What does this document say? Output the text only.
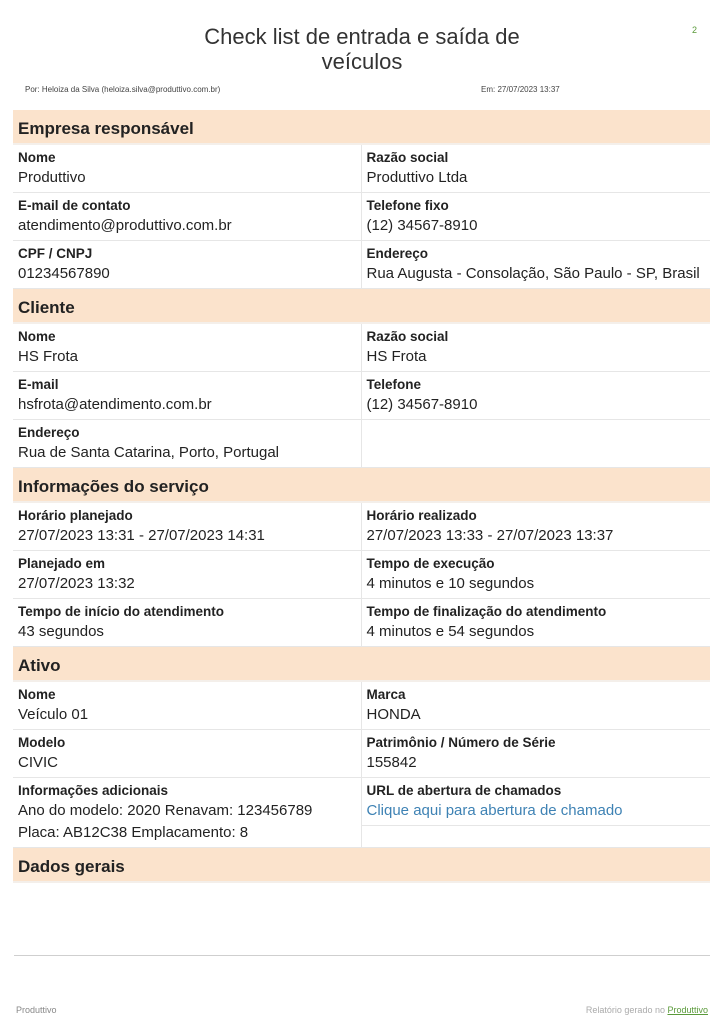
2
Check list de entrada e saída de
veículos
Por: Heloiza da Silva (heloiza.silva@produttivo.com.br)	Em: 27/07/2023 13:37
Empresa responsável
Nome
Produttivo
Razão social
Produttivo Ltda
E-mail de contato
atendimento@produttivo.com.br
Telefone fixo
(12) 34567-8910
CPF / CNPJ
01234567890
Endereço
Rua Augusta - Consolação, São Paulo - SP, Brasil
Cliente
Nome
HS Frota
Razão social
HS Frota
E-mail
hsfrota@atendimento.com.br
Telefone
(12) 34567-8910
Endereço
Rua de Santa Catarina, Porto, Portugal
Informações do serviço
Horário planejado
27/07/2023 13:31 - 27/07/2023 14:31
Horário realizado
27/07/2023 13:33 - 27/07/2023 13:37
Planejado em
27/07/2023 13:32
Tempo de execução
4 minutos e 10 segundos
Tempo de início do atendimento
43 segundos
Tempo de finalização do atendimento
4 minutos e 54 segundos
Ativo
Nome
Veículo 01
Marca
HONDA
Modelo
CIVIC
Patrimônio / Número de Série
155842
Informações adicionais
Ano do modelo: 2020 Renavam: 123456789
Placa: AB12C38 Emplacamento: 8
URL de abertura de chamados
Clique aqui para abertura de chamado
Dados gerais
Produttivo	Relatório gerado no Produttivo
